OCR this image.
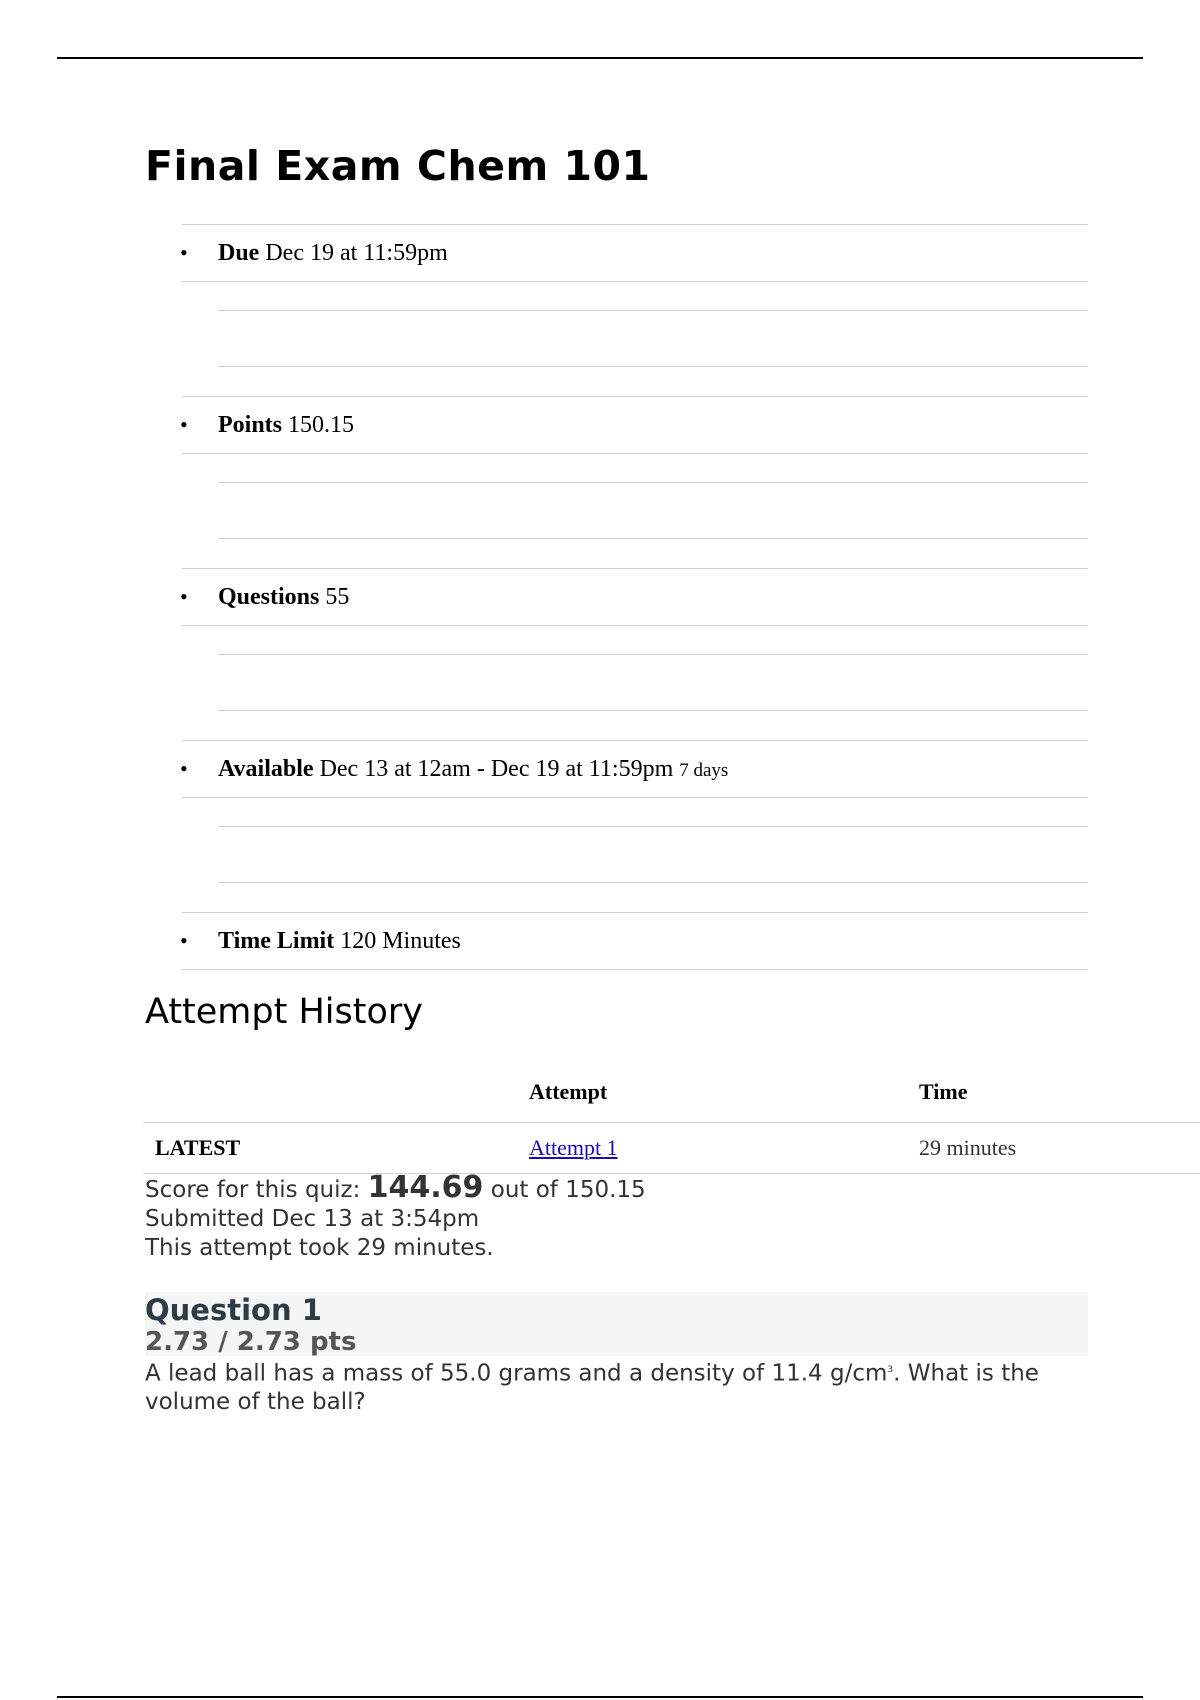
Final Exam Chem 101
• Due Dec 19 at 11:59pm
• Points 150.15
• Questions 55
• Available Dec 13 at 12am - Dec 19 at 11:59pm 7 days
• Time Limit 120 Minutes
Attempt History
	Attempt	Time
LATEST	Attempt 1	29 minutes
Score for this quiz: 144.69 out of 150.15
Submitted Dec 13 at 3:54pm
This attempt took 29 minutes.
Question 1
2.73 / 2.73 pts

A lead ball has a mass of 55.0 grams and a density of 11.4 $g/cm^3$. What is the volume of the ball?
